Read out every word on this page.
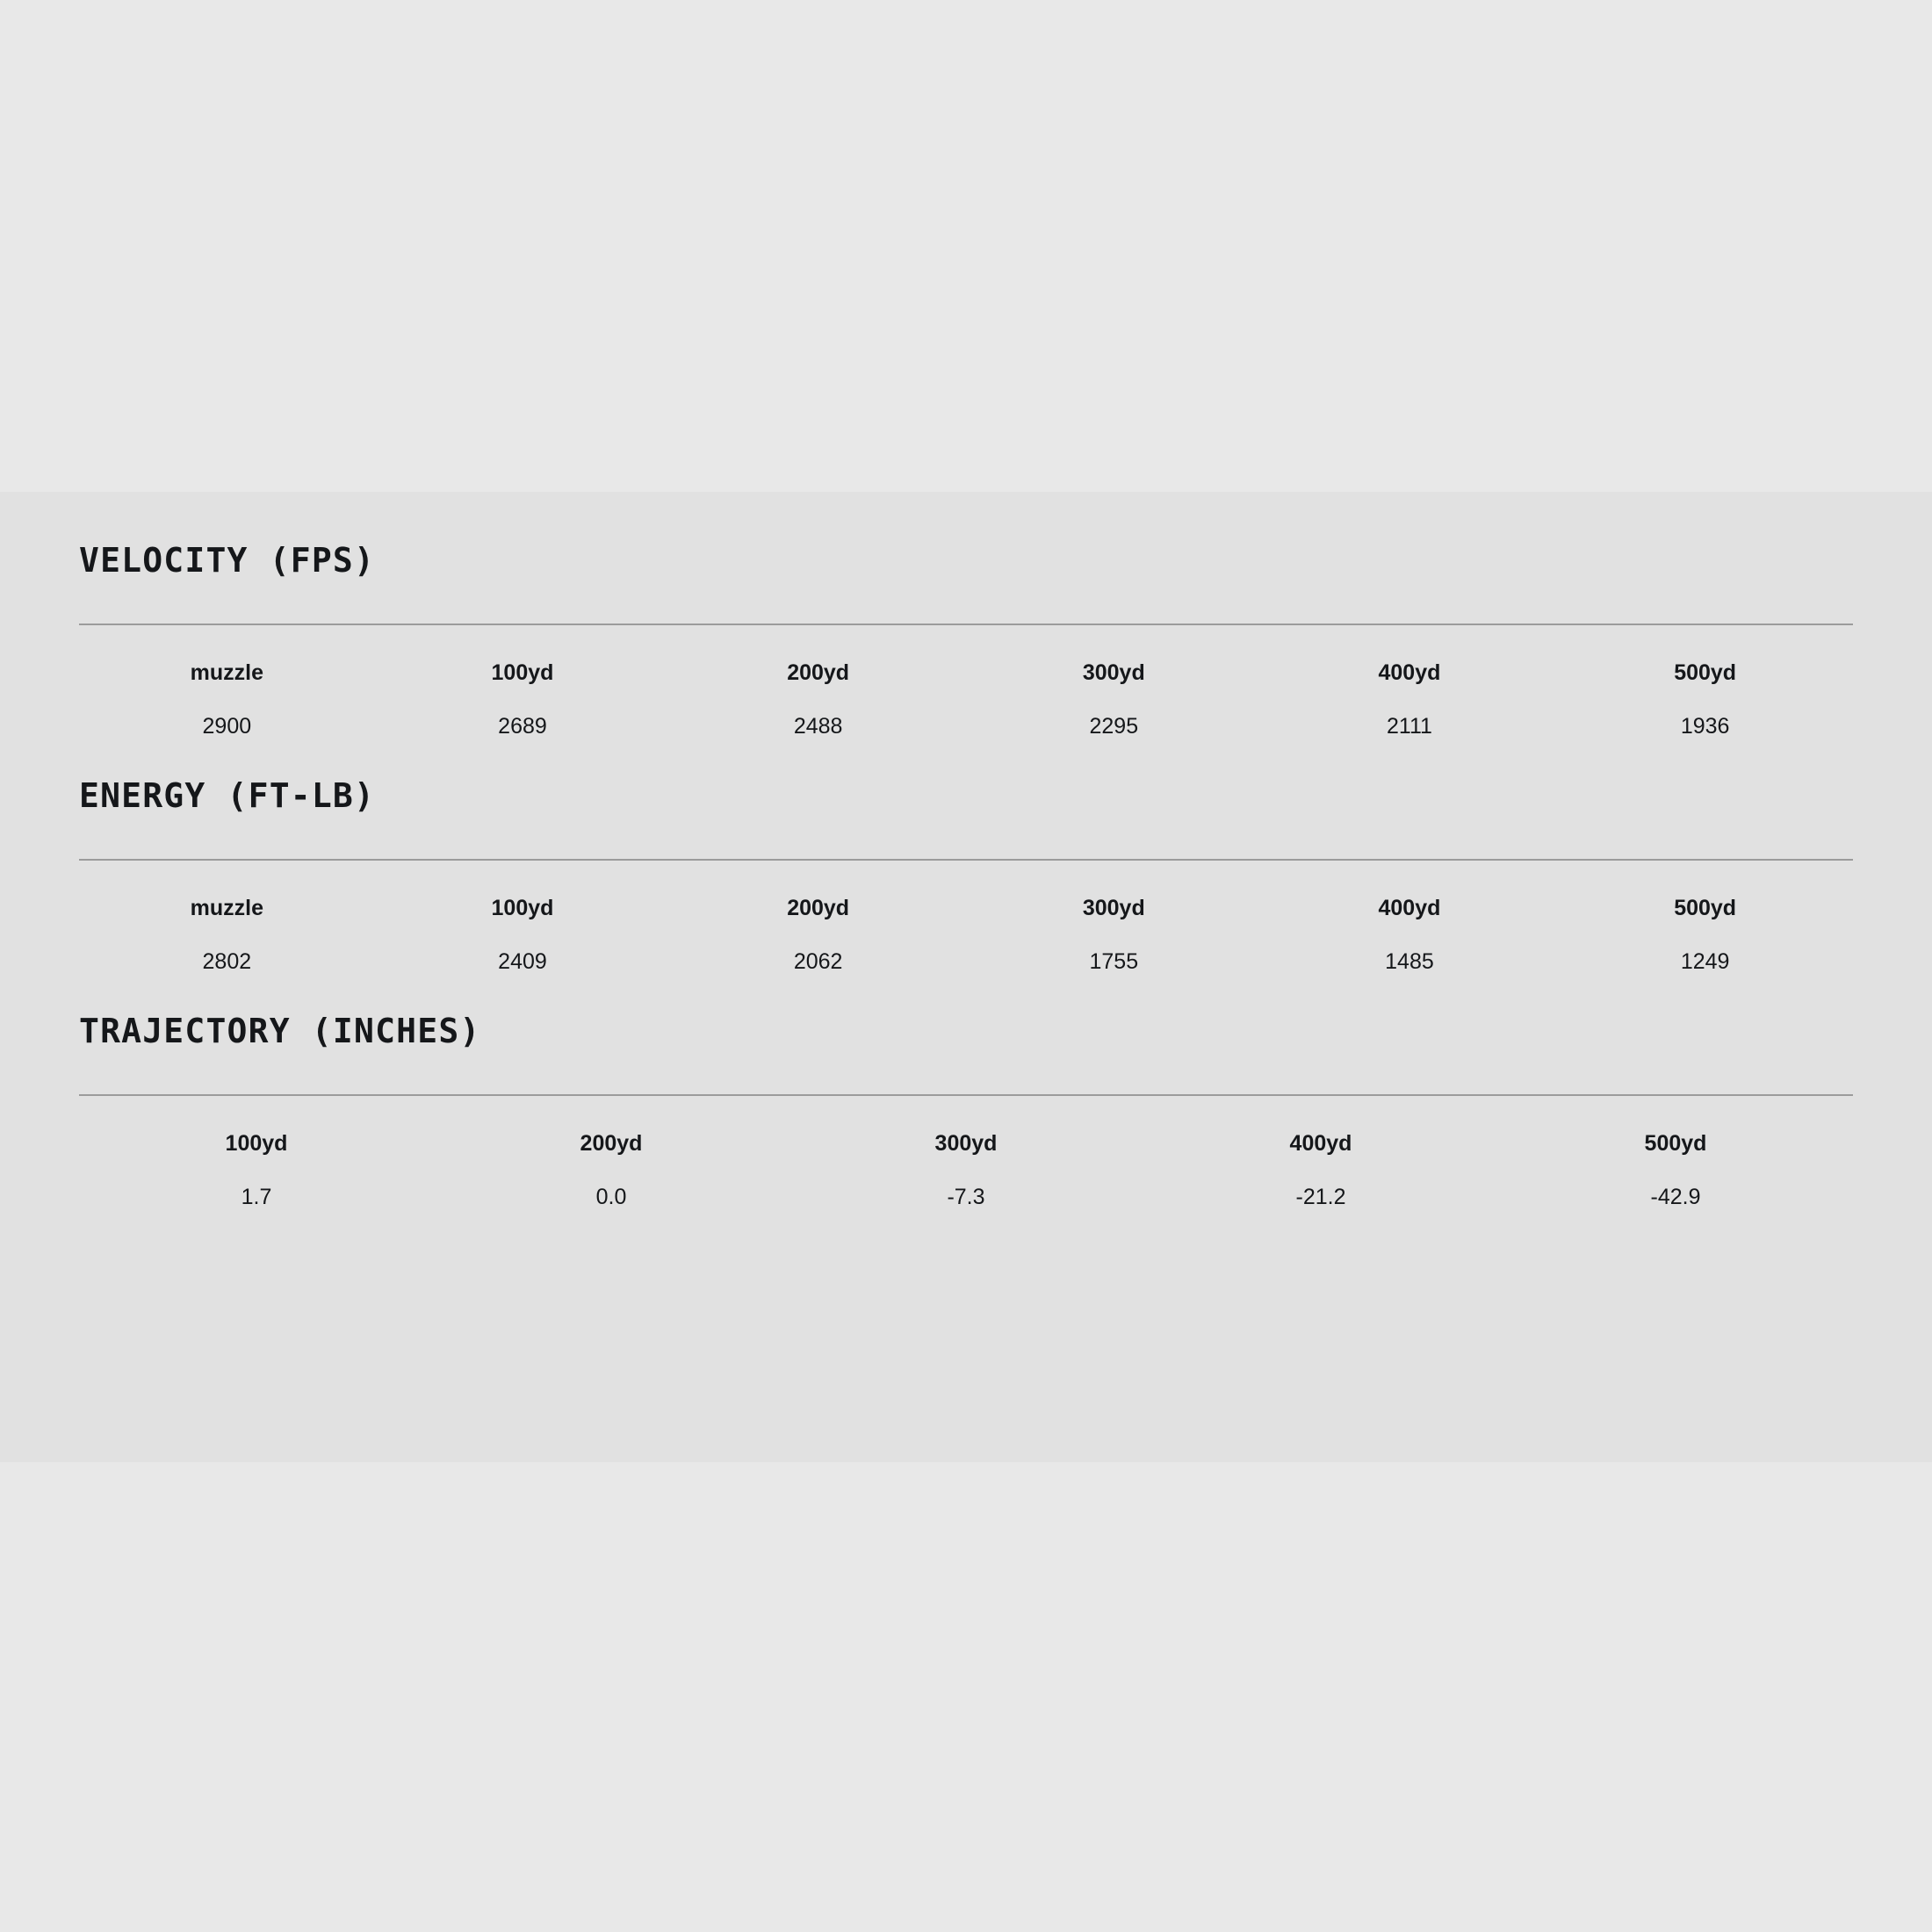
VELOCITY (FPS)
muzzle	100yd	200yd	300yd	400yd	500yd
2900	2689	2488	2295	2111	1936
ENERGY (FT-LB)
muzzle	100yd	200yd	300yd	400yd	500yd
2802	2409	2062	1755	1485	1249
TRAJECTORY (INCHES)
100yd	200yd	300yd	400yd	500yd
1.7	0.0	-7.3	-21.2	-42.9
